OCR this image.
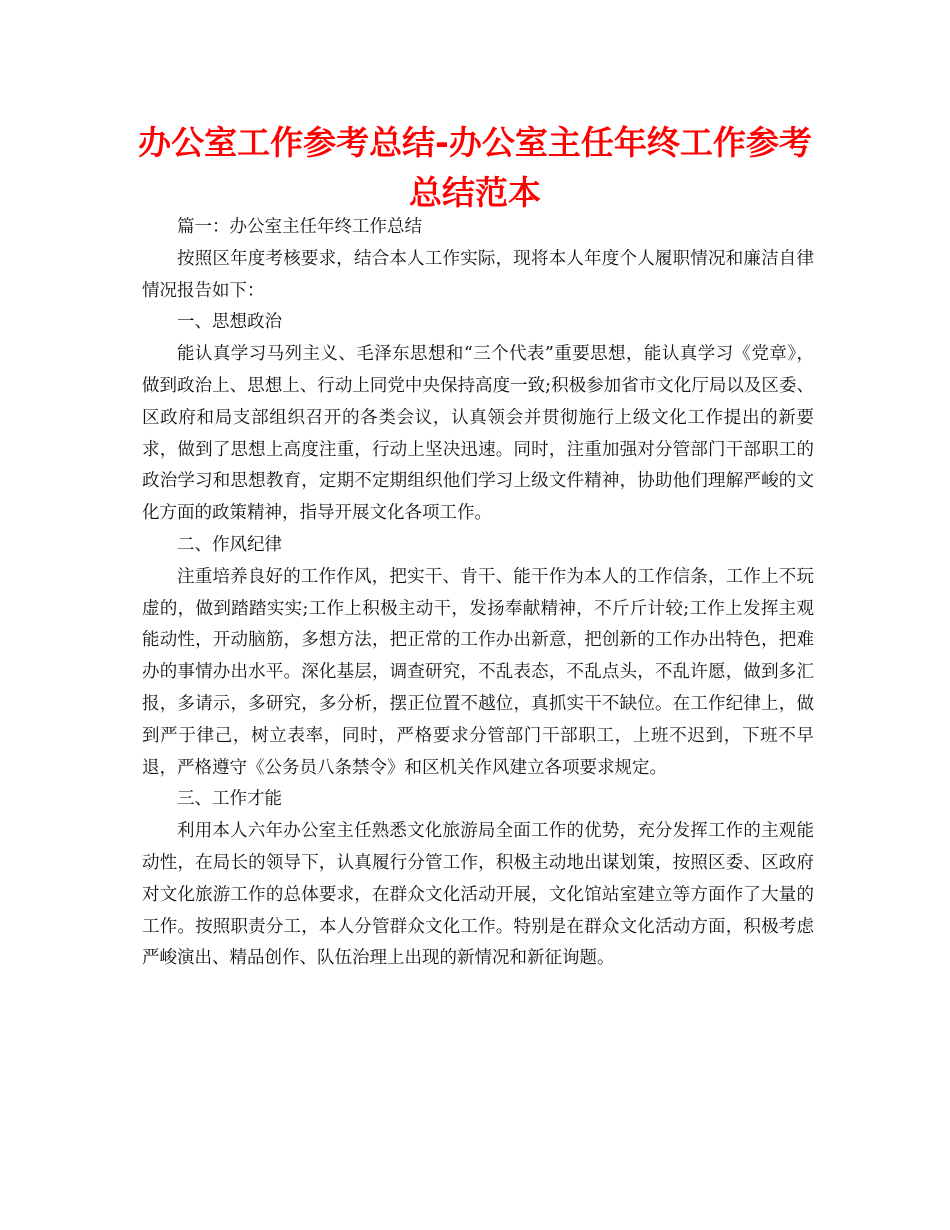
办公室工作参考总结-办公室主任年终工作参考总结范本

篇一：办公室主任年终工作总结

按照区年度考核要求，结合本人工作实际，现将本人年度个人履职情况和廉洁自律情况报告如下：

一、思想政治

能认真学习马列主义、毛泽东思想和“三个代表”重要思想，能认真学习《党章》，做到政治上、思想上、行动上同党中央保持高度一致;积极参加省市文化厅局以及区委、区政府和局支部组织召开的各类会议，认真领会并贯彻施行上级文化工作提出的新要求，做到了思想上高度注重，行动上坚决迅速。同时，注重加强对分管部门干部职工的政治学习和思想教育，定期不定期组织他们学习上级文件精神，协助他们理解严峻的文化方面的政策精神，指导开展文化各项工作。

二、作风纪律

注重培养良好的工作作风，把实干、肯干、能干作为本人的工作信条，工作上不玩虚的，做到踏踏实实;工作上积极主动干，发扬奉献精神，不斤斤计较;工作上发挥主观能动性，开动脑筋，多想方法，把正常的工作办出新意，把创新的工作办出特色，把难办的事情办出水平。深化基层，调查研究，不乱表态，不乱点头，不乱许愿，做到多汇报，多请示，多研究，多分析，摆正位置不越位，真抓实干不缺位。在工作纪律上，做到严于律己，树立表率，同时，严格要求分管部门干部职工，上班不迟到，下班不早退，严格遵守《公务员八条禁令》和区机关作风建立各项要求规定。

三、工作才能

利用本人六年办公室主任熟悉文化旅游局全面工作的优势，充分发挥工作的主观能动性，在局长的领导下，认真履行分管工作，积极主动地出谋划策，按照区委、区政府对文化旅游工作的总体要求，在群众文化活动开展，文化馆站室建立等方面作了大量的工作。按照职责分工，本人分管群众文化工作。特别是在群众文化活动方面，积极考虑严峻演出、精品创作、队伍治理上出现的新情况和新征询题。
